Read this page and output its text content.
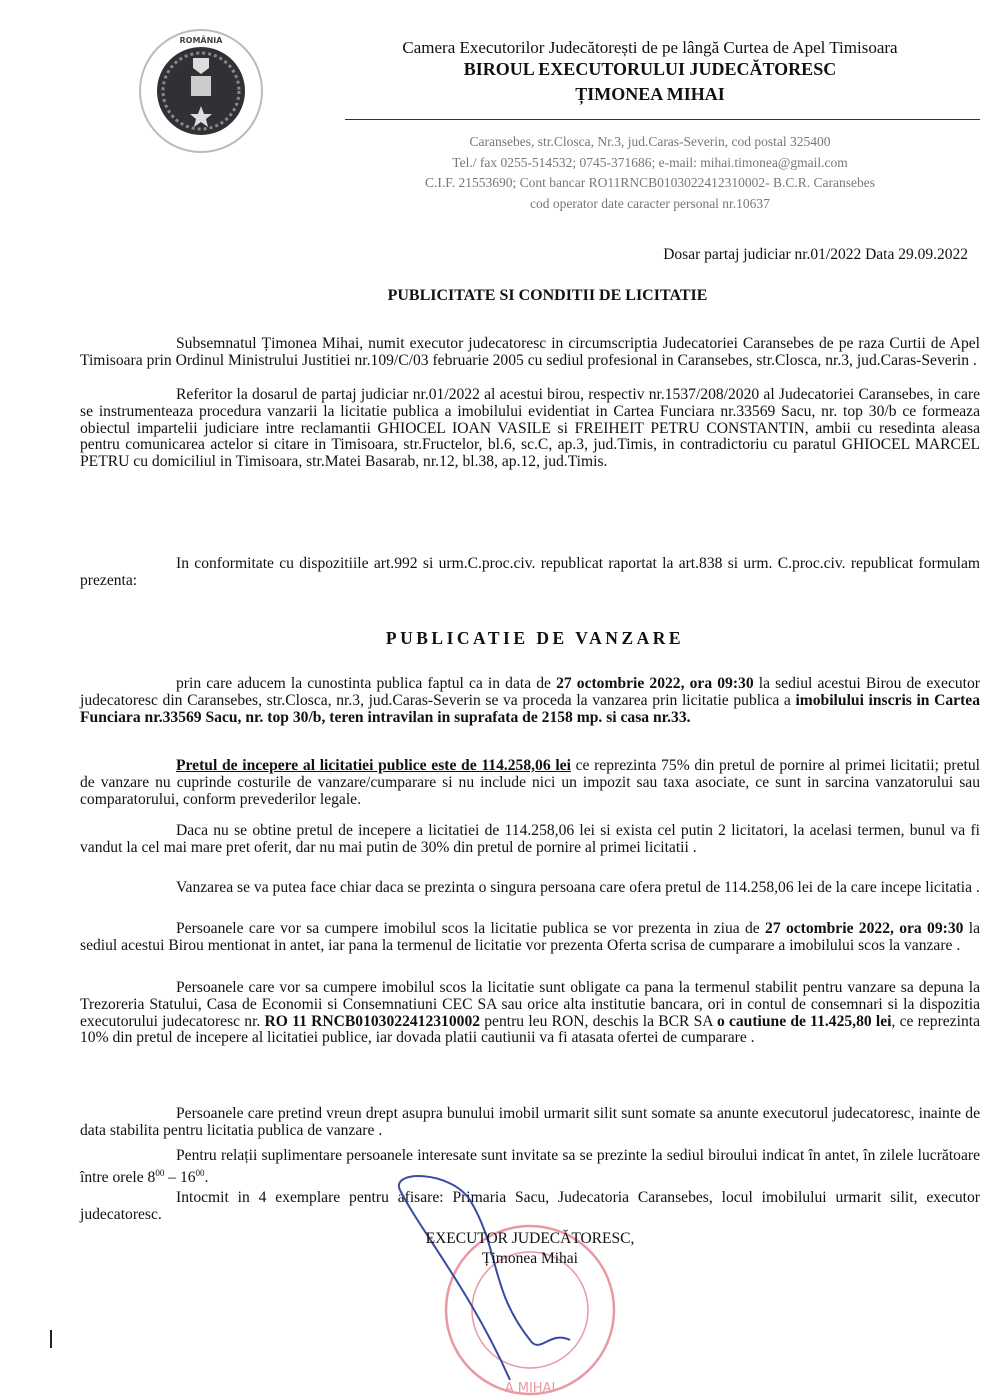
ROMÂNIA	Camera Executorilor Judecătorești de pe lângă Curtea de Apel Timisoara
BIROUL EXECUTORULUI JUDECĂTORESC
ȚIMONEA MIHAI
Caransebes, str.Closca, Nr.3, jud.Caras-Severin, cod postal 325400
Tel./ fax 0255-514532; 0745-371686; e-mail: mihai.timonea@gmail.com
C.I.F. 21553690; Cont bancar RO11RNCB0103022412310002- B.C.R. Caransebes
cod operator date caracter personal nr.10637
Dosar partaj judiciar nr.01/2022 Data 29.09.2022
PUBLICITATE SI CONDITII DE LICITATIE
Subsemnatul Țimonea Mihai, numit executor judecatoresc in circumscriptia Judecatoriei Caransebes de pe raza Curtii de Apel Timisoara prin Ordinul Ministrului Justitiei nr.109/C/03 februarie 2005 cu sediul profesional in Caransebes, str.Closca, nr.3, jud.Caras-Severin .
Referitor la dosarul de partaj judiciar nr.01/2022 al acestui birou, respectiv nr.1537/208/2020 al Judecatoriei Caransebes, in care se instrumenteaza procedura vanzarii la licitatie publica a imobilului evidentiat in Cartea Funciara nr.33569 Sacu, nr. top 30/b ce formeaza obiectul impartelii judiciare intre reclamantii GHIOCEL IOAN VASILE si FREIHEIT PETRU CONSTANTIN, ambii cu resedinta aleasa pentru comunicarea actelor si citare in Timisoara, str.Fructelor, bl.6, sc.C, ap.3, jud.Timis, in contradictoriu cu paratul GHIOCEL MARCEL PETRU cu domiciliul in Timisoara, str.Matei Basarab, nr.12, bl.38, ap.12, jud.Timis.
In conformitate cu dispozitiile art.992 si urm.C.proc.civ. republicat raportat la art.838 si urm. C.proc.civ. republicat formulam prezenta:
PUBLICATIE DE VANZARE
prin care aducem la cunostinta publica faptul ca in data de 27 octombrie 2022, ora 09:30 la sediul acestui Birou de executor judecatoresc din Caransebes, str.Closca, nr.3, jud.Caras-Severin se va proceda la vanzarea prin licitatie publica a imobilului inscris in Cartea Funciara nr.33569 Sacu, nr. top 30/b, teren intravilan in suprafata de 2158 mp. si casa nr.33.
Pretul de incepere al licitatiei publice este de 114.258,06 lei ce reprezinta 75% din pretul de pornire al primei licitatii; pretul de vanzare nu cuprinde costurile de vanzare/cumparare si nu include nici un impozit sau taxa asociate, ce sunt in sarcina vanzatorului sau comparatorului, conform prevederilor legale.
Daca nu se obtine pretul de incepere a licitatiei de 114.258,06 lei si exista cel putin 2 licitatori, la acelasi termen, bunul va fi vandut la cel mai mare pret oferit, dar nu mai putin de 30% din pretul de pornire al primei licitatii .
Vanzarea se va putea face chiar daca se prezinta o singura persoana care ofera pretul de 114.258,06 lei de la care incepe licitatia .
Persoanele care vor sa cumpere imobilul scos la licitatie publica se vor prezenta in ziua de 27 octombrie 2022, ora 09:30 la sediul acestui Birou mentionat in antet, iar pana la termenul de licitatie vor prezenta Oferta scrisa de cumparare a imobilului scos la vanzare .
Persoanele care vor sa cumpere imobilul scos la licitatie sunt obligate ca pana la termenul stabilit pentru vanzare sa depuna la Trezoreria Statului, Casa de Economii si Consemnatiuni CEC SA sau orice alta institutie bancara, ori in contul de consemnari si la dispozitia executorului judecatoresc nr. RO 11 RNCB0103022412310002 pentru leu RON, deschis la BCR SA o cautiune de 11.425,80 lei, ce reprezinta 10% din pretul de incepere al licitatiei publice, iar dovada platii cautiunii va fi atasata ofertei de cumparare .
Persoanele care pretind vreun drept asupra bunului imobil urmarit silit sunt somate sa anunte executorul judecatoresc, inainte de data stabilita pentru licitatia publica de vanzare .
Pentru relații suplimentare persoanele interesate sunt invitate sa se prezinte la sediul biroului indicat în antet, în zilele lucrătoare între orele $8^{00} - 16^{00}$.
Intocmit in 4 exemplare pentru afisare: Primaria Sacu, Judecatoria Caransebes, locul imobilului urmarit silit, executor judecatoresc.
A MIHAI
EXECUTOR JUDECĂTORESC,
Țimonea Mihai
